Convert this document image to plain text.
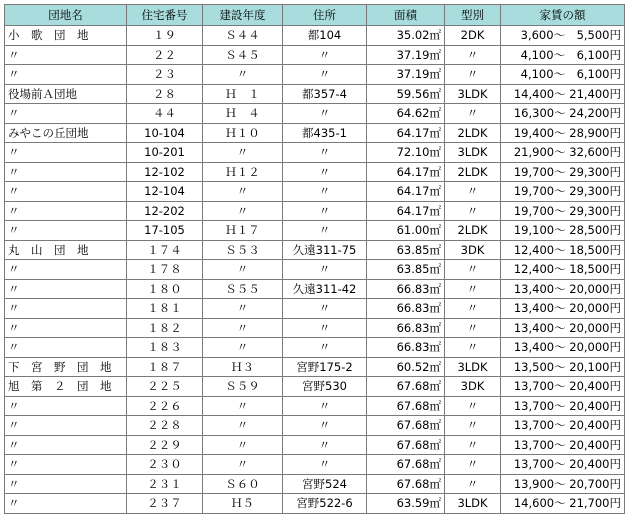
団地名	住宅番号	建設年度	住所	面積	型別	家賃の額
小　歌　団　地	１９	Ｓ４４	都104	35.02㎡	2DK	3,600～　5,500円
〃	２２	Ｓ４５	〃	37.19㎡	〃	4,100～　6,100円
〃	２３	〃	〃	37.19㎡	〃	4,100～　6,100円
役場前Ａ団地	２８	Ｈ　１	都357-4	59.56㎡	3LDK	14,400～ 21,400円
〃	４４	Ｈ　４	〃	64.62㎡	〃	16,300～ 24,200円
みやこの丘団地	10-104	Ｈ１０	都435-1	64.17㎡	2LDK	19,400～ 28,900円
〃	10-201	〃	〃	72.10㎡	3LDK	21,900～ 32,600円
〃	12-102	Ｈ１２	〃	64.17㎡	2LDK	19,700～ 29,300円
〃	12-104	〃	〃	64.17㎡	〃	19,700～ 29,300円
〃	12-202	〃	〃	64.17㎡	〃	19,700～ 29,300円
〃	17-105	Ｈ１７	〃	61.00㎡	2LDK	19,100～ 28,500円
丸　山　団　地	１７４	Ｓ５３	久遠311-75	63.85㎡	3DK	12,400～ 18,500円
〃	１７８	〃	〃	63.85㎡	〃	12,400～ 18,500円
〃	１８０	Ｓ５５	久遠311-42	66.83㎡	〃	13,400～ 20,000円
〃	１８１	〃	〃	66.83㎡	〃	13,400～ 20,000円
〃	１８２	〃	〃	66.83㎡	〃	13,400～ 20,000円
〃	１８３	〃	〃	66.83㎡	〃	13,400～ 20,000円
下　宮　野　団　地	１８７	Ｈ３	宮野175-2	60.52㎡	3LDK	13,500～ 20,100円
旭　第　２　団　地	２２５	Ｓ５９	宮野530	67.68㎡	3DK	13,700～ 20,400円
〃	２２６	〃	〃	67.68㎡	〃	13,700～ 20,400円
〃	２２８	〃	〃	67.68㎡	〃	13,700～ 20,400円
〃	２２９	〃	〃	67.68㎡	〃	13,700～ 20,400円
〃	２３０	〃	〃	67.68㎡	〃	13,700～ 20,400円
〃	２３１	Ｓ６０	宮野524	67.68㎡	〃	13,900～ 20,700円
〃	２３７	Ｈ５	宮野522-6	63.59㎡	3LDK	14,600～ 21,700円
